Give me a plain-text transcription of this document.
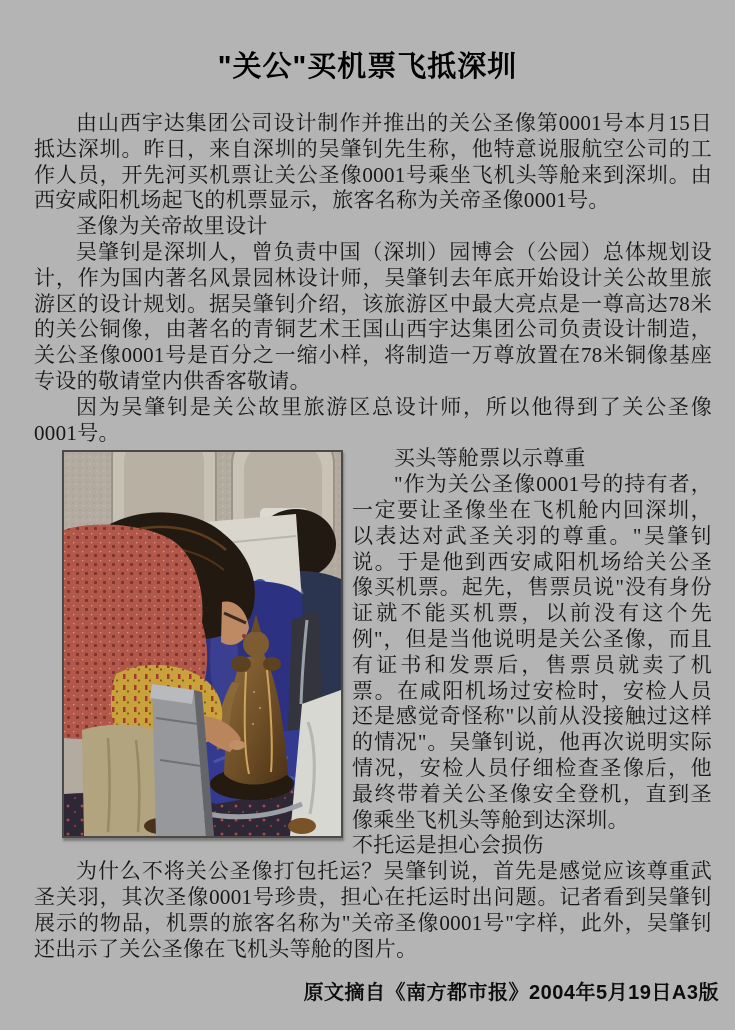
"关公"买机票飞抵深圳

由山西宇达集团公司设计制作并推出的关公圣像第0001号本月15日抵达深圳。昨日，来自深圳的吴肇钊先生称，他特意说服航空公司的工作人员，开先河买机票让关公圣像0001号乘坐飞机头等舱来到深圳。由西安咸阳机场起飞的机票显示，旅客名称为关帝圣像0001号。

圣像为关帝故里设计

吴肇钊是深圳人，曾负责中国（深圳）园博会（公园）总体规划设计，作为国内著名风景园林设计师，吴肇钊去年底开始设计关公故里旅游区的设计规划。据吴肇钊介绍，该旅游区中最大亮点是一尊高达78米的关公铜像，由著名的青铜艺术王国山西宇达集团公司负责设计制造，关公圣像0001号是百分之一缩小样，将制造一万尊放置在78米铜像基座专设的敬请堂内供香客敬请。

因为吴肇钊是关公故里旅游区总设计师，所以他得到了关公圣像0001号。

买头等舱票以示尊重

"作为关公圣像0001号的持有者，一定要让圣像坐在飞机舱内回深圳，以表达对武圣关羽的尊重。"吴肇钊说。于是他到西安咸阳机场给关公圣像买机票。起先，售票员说"没有身份证就不能买机票，以前没有这个先例"，但是当他说明是关公圣像，而且有证书和发票后，售票员就卖了机票。在咸阳机场过安检时，安检人员还是感觉奇怪称"以前从没接触过这样的情况"。吴肇钊说，他再次说明实际情况，安检人员仔细检查圣像后，他最终带着关公圣像安全登机，直到圣像乘坐飞机头等舱到达深圳。

不托运是担心会损伤

为什么不将关公圣像打包托运？吴肇钊说，首先是感觉应该尊重武圣关羽，其次圣像0001号珍贵，担心在托运时出问题。记者看到吴肇钊展示的物品，机票的旅客名称为"关帝圣像0001号"字样，此外，吴肇钊还出示了关公圣像在飞机头等舱的图片。

原文摘自《南方都市报》2004年5月19日A3版
